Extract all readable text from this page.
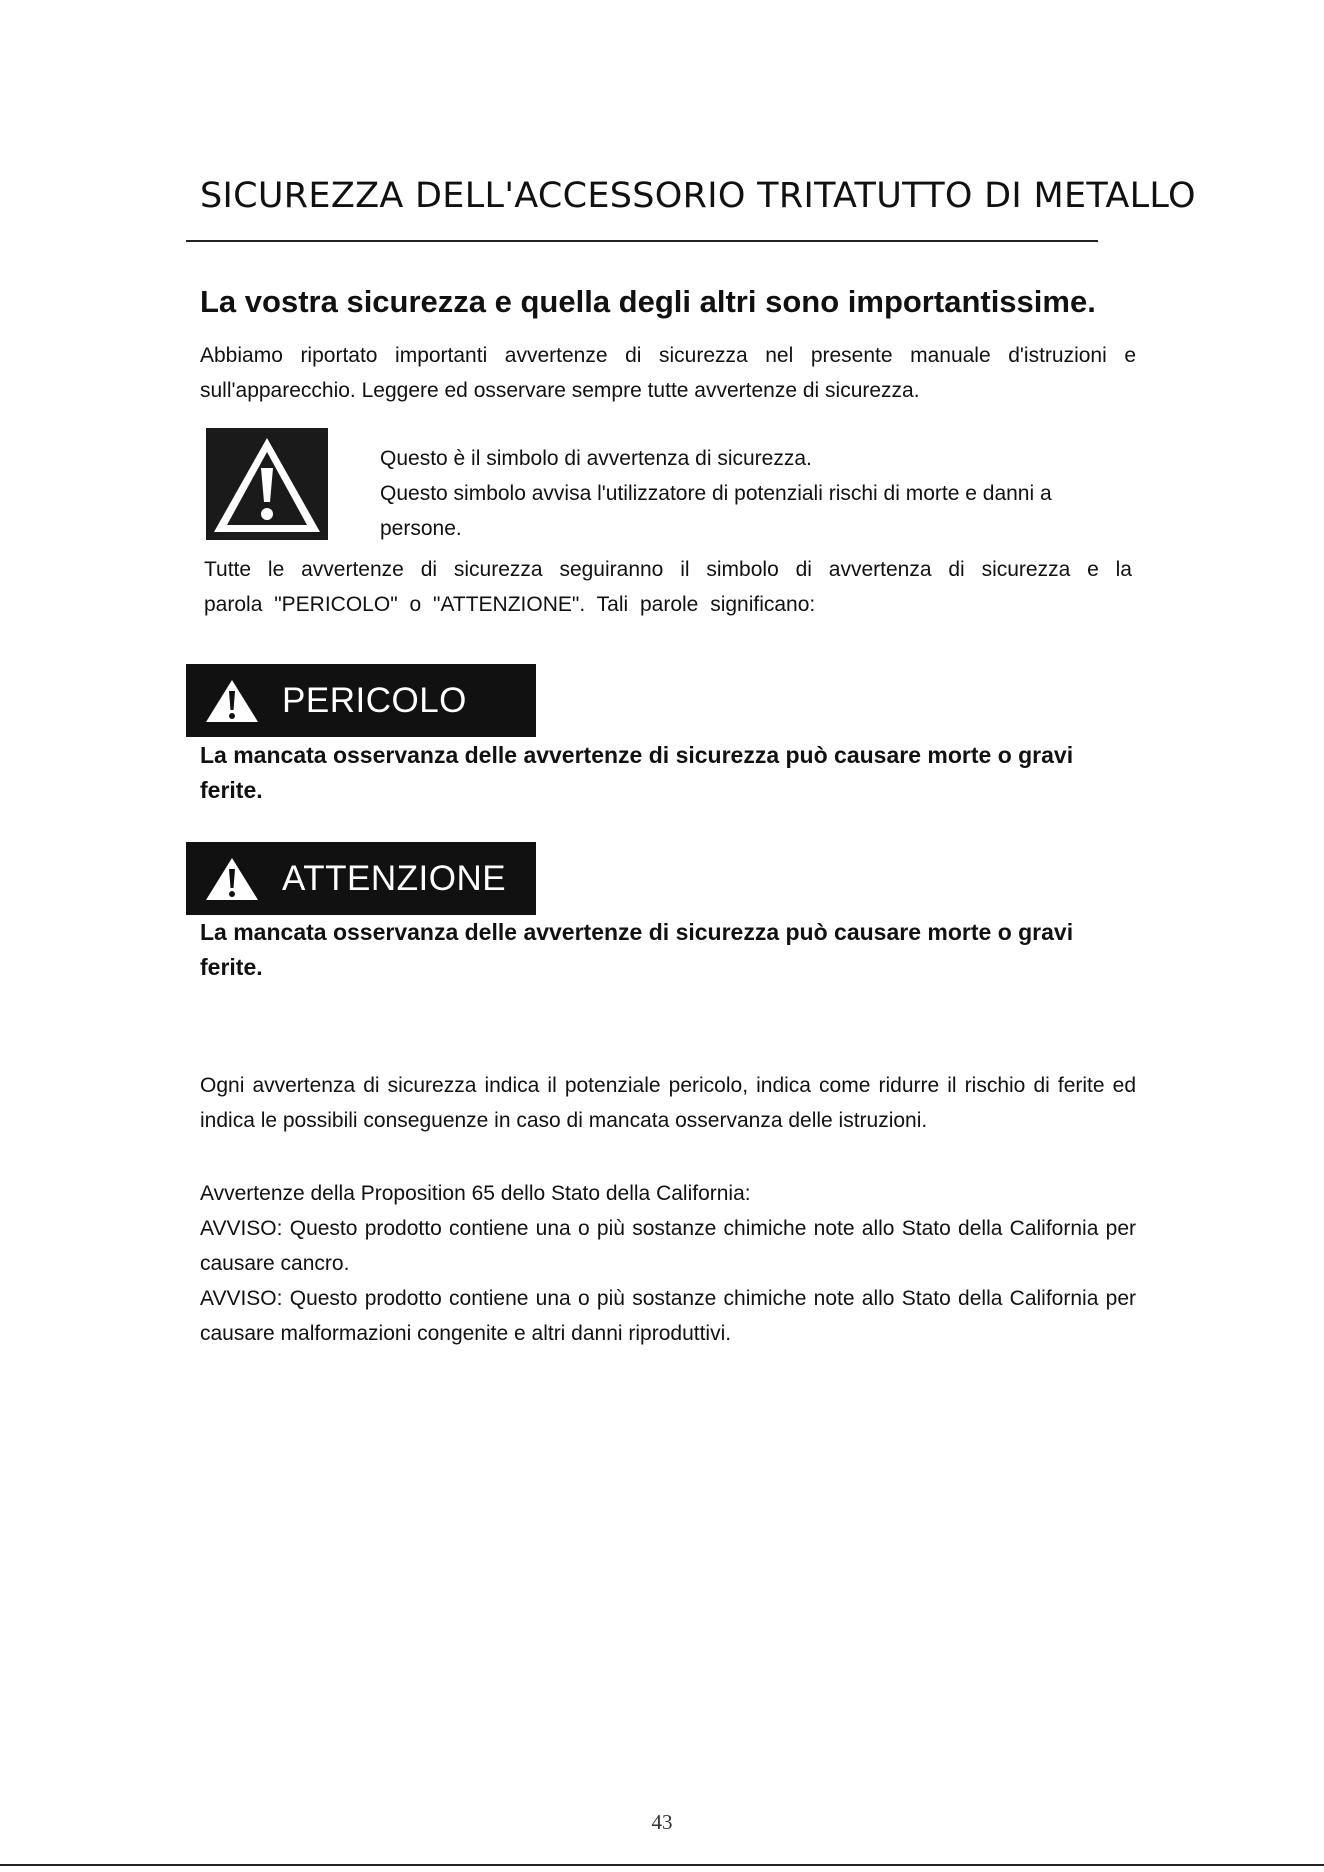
SICUREZZA DELL'ACCESSORIO TRITATUTTO DI METALLO
La vostra sicurezza e quella degli altri sono importantissime.
Abbiamo riportato importanti avvertenze di sicurezza nel presente manuale d'istruzioni e sull'apparecchio. Leggere ed osservare sempre tutte avvertenze di sicurezza.
Questo è il simbolo di avvertenza di sicurezza.
Questo simbolo avvisa l'utilizzatore di potenziali rischi di morte e danni a persone.
Tutte le avvertenze di sicurezza seguiranno il simbolo di avvertenza di sicurezza e la
parola "PERICOLO" o "ATTENZIONE". Tali parole significano:
PERICOLO
La mancata osservanza delle avvertenze di sicurezza può causare morte o gravi ferite.
ATTENZIONE
La mancata osservanza delle avvertenze di sicurezza può causare morte o gravi ferite.
Ogni avvertenza di sicurezza indica il potenziale pericolo, indica come ridurre il rischio di ferite ed indica le possibili conseguenze in caso di mancata osservanza delle istruzioni.
Avvertenze della Proposition 65 dello Stato della California:
AVVISO: Questo prodotto contiene una o più sostanze chimiche note allo Stato della California per causare cancro.
AVVISO: Questo prodotto contiene una o più sostanze chimiche note allo Stato della California per causare malformazioni congenite e altri danni riproduttivi.
43
